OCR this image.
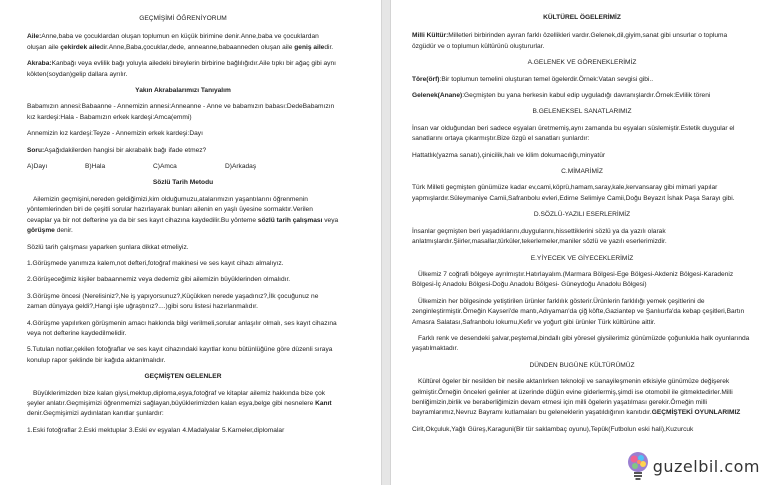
GEÇMİŞİMİ ÖĞRENİYORUM

Aile:Anne,baba ve çocuklardan oluşan toplumun en küçük birimine denir.Anne,baba ve çocuklardan oluşan aile çekirdek ailedir.Anne,Baba,çocuklar,dede, anneanne,babaanneden oluşan aile geniş ailedir.

Akraba:Kanbağı veya evlilik bağı yoluyla ailedeki bireylerin birbirine bağlılığıdır.Aile tıpkı bir ağaç gibi aynı kökten(soydan)gelip dallara ayrılır.

Yakın Akrabalarımızı Tanıyalım

Babamızın annesi:Babaanne - Annemizin annesi:Anneanne - Anne ve babamızın babası:DedeBabamızın kız kardeşi:Hala - Babamızın erkek kardeşi:Amca(emmi)

Annemizin kız kardeşi:Teyze - Annemizin erkek kardeşi:Dayı

Soru:Aşağıdakilerden hangisi bir akrabalık bağı ifade etmez?

A)Dayı	B)Hala	C)Amca	D)Arkadaş

Sözlü Tarih Metodu

Ailemizin geçmişini,nereden geldiğimizi,kim olduğumuzu,atalarımızın yaşantılarını öğrenmenin yöntemlerinden biri de çeşitli sorular hazırlayarak bunları ailenin en yaşlı üyesine sormaktır.Verilen cevaplar ya bir not defterine ya da bir ses kayıt cihazına kaydedilir.Bu yönteme sözlü tarih çalışması veya görüşme denir.

Sözlü tarih çalışması yaparken şunlara dikkat etmeliyiz.

1.Görüşmede yanımıza kalem,not defteri,fotoğraf makinesi ve ses kayıt cihazı almalıyız.

2.Görüşeceğimiz kişiler babaannemiz veya dedemiz gibi ailemizin büyüklerinden olmalıdır.

3.Görüşme öncesi (Nerelisiniz?,Ne iş yapıyorsunuz?,Küçükken nerede yaşadınız?,İlk çocuğunuz ne zaman dünyaya geldi?,Hangi işle uğraştınız?....)gibi soru listesi hazırlanmalıdır.

4.Görüşme yapılırken görüşmenin amacı hakkında bilgi verilmeli,sorular anlaşılır olmalı, ses kayıt cihazına veya not defterine kaydedilmelidir.

5.Tutulan notlar,çekilen fotoğraflar ve ses kayıt cihazındaki kayıtlar konu bütünlüğüne göre düzenli sıraya konulup rapor şeklinde bir kağıda aktarılmalıdır.

GEÇMİŞTEN GELENLER

Büyüklerimizden bize kalan giysi,mektup,diploma,eşya,fotoğraf ve kitaplar ailemiz hakkında bize çok şeyler anlatır.Geçmişimizi öğrenmemizi sağlayan,büyüklerimizden kalan eşya,belge gibi nesnelere Kanıt denir.Geçmişimizi aydınlatan kanıtlar şunlardır:

1.Eski fotoğraflar 2.Eski mektuplar 3.Eski ev eşyaları 4.Madalyalar 5.Karneler,diplomalar

KÜLTÜREL ÖGELERİMİZ

Milli Kültür:Milletleri birbirinden ayıran farklı özellikleri vardır.Gelenek,dil,giyim,sanat gibi unsurlar o topluma özgüdür ve o toplumun kültürünü oluştururlar.

A.GELENEK VE GÖRENEKLERİMİZ

Töre(örf):Bir toplumun temelini oluşturan temel ögelerdir.Örnek:Vatan sevgisi gibi..

Gelenek(Anane):Geçmişten bu yana herkesin kabul edip uyguladığı davranışlardır.Örnek:Evlilik töreni

B.GELENEKSEL SANATLARIMIZ

İnsan var olduğundan beri sadece eşyaları üretmemiş,aynı zamanda bu eşyaları süslemiştir.Estetik duygular el sanatlarını ortaya çıkarmıştır.Bize özgü el sanatları şunlardır:

Hattatlık(yazma sanatı),çinicilik,halı ve kilim dokumacılığı,minyatür

C.MİMARİMİZ

Türk Milleti geçmişten günümüze kadar ev,cami,köprü,hamam,saray,kale,kervansaray gibi mimari yapılar yapmışlardır.Süleymaniye Camii,Safranbolu evleri,Edirne Selimiye Camii,Doğu Beyazıt İshak Paşa Sarayı gibi.

D.SÖZLÜ-YAZILI ESERLERİMİZ

İnsanlar geçmişten beri yaşadıklarını,duygularını,hissettiklerini sözlü ya da yazılı olarak anlatmışlardır.Şiirler,masallar,türküler,tekerlemeler,maniler sözlü ve yazılı eserlerimizdir.

E.YİYECEK VE GİYECEKLERİMİZ

Ülkemiz 7 coğrafi bölgeye ayrılmıştır.Hatırlayalım.(Marmara Bölgesi-Ege Bölgesi-Akdeniz Bölgesi-Karadeniz Bölgesi-İç Anadolu Bölgesi-Doğu Anadolu Bölgesi- Güneydoğu Anadolu Bölgesi)

Ülkemizin her bölgesinde yetiştirilen ürünler farklılık gösterir.Ürünlerin farklılığı yemek çeşitlerini de zenginleştirmiştir.Örneğin Kayseri'de mantı,Adıyaman'da çiğ köfte,Gaziantep ve Şanlıurfa'da kebap çeşitleri,Bartın Amasra Salatası,Safranbolu lokumu,Kefir ve yoğurt gibi ürünler Türk kültürüne aittir.

Farklı renk ve desendeki şalvar,peştemal,bindallı gibi yöresel giysilerimiz günümüzde çoğunlukla halk oyunlarında yaşatılmaktadır.

DÜNDEN BUGÜNE KÜLTÜRÜMÜZ

Kültürel ögeler bir nesilden bir nesile aktarılırken teknoloji ve sanayileşmenin etkisiyle günümüze değişerek gelmiştir.Örneğin önceleri gelinler at üzerinde düğün evine giderlermiş,şimdi ise otomobil ile gitmektedirler.Milli benliğimizin,birlik ve beraberliğimizin devam etmesi için milli ögelerin yaşatılması gerekir.Örneğin milli bayramlarımız,Nevruz Bayramı kutlamaları bu geleneklerin yaşatıldığının kanıtıdır.GEÇMİŞTEKİ OYUNLARIMIZ

Cirit,Okçuluk,Yağlı Güreş,Karaguni(Bir tür saklambaç oyunu),Tepük(Futbolun eski hali),Kuzurcuk

guzelbil.com
